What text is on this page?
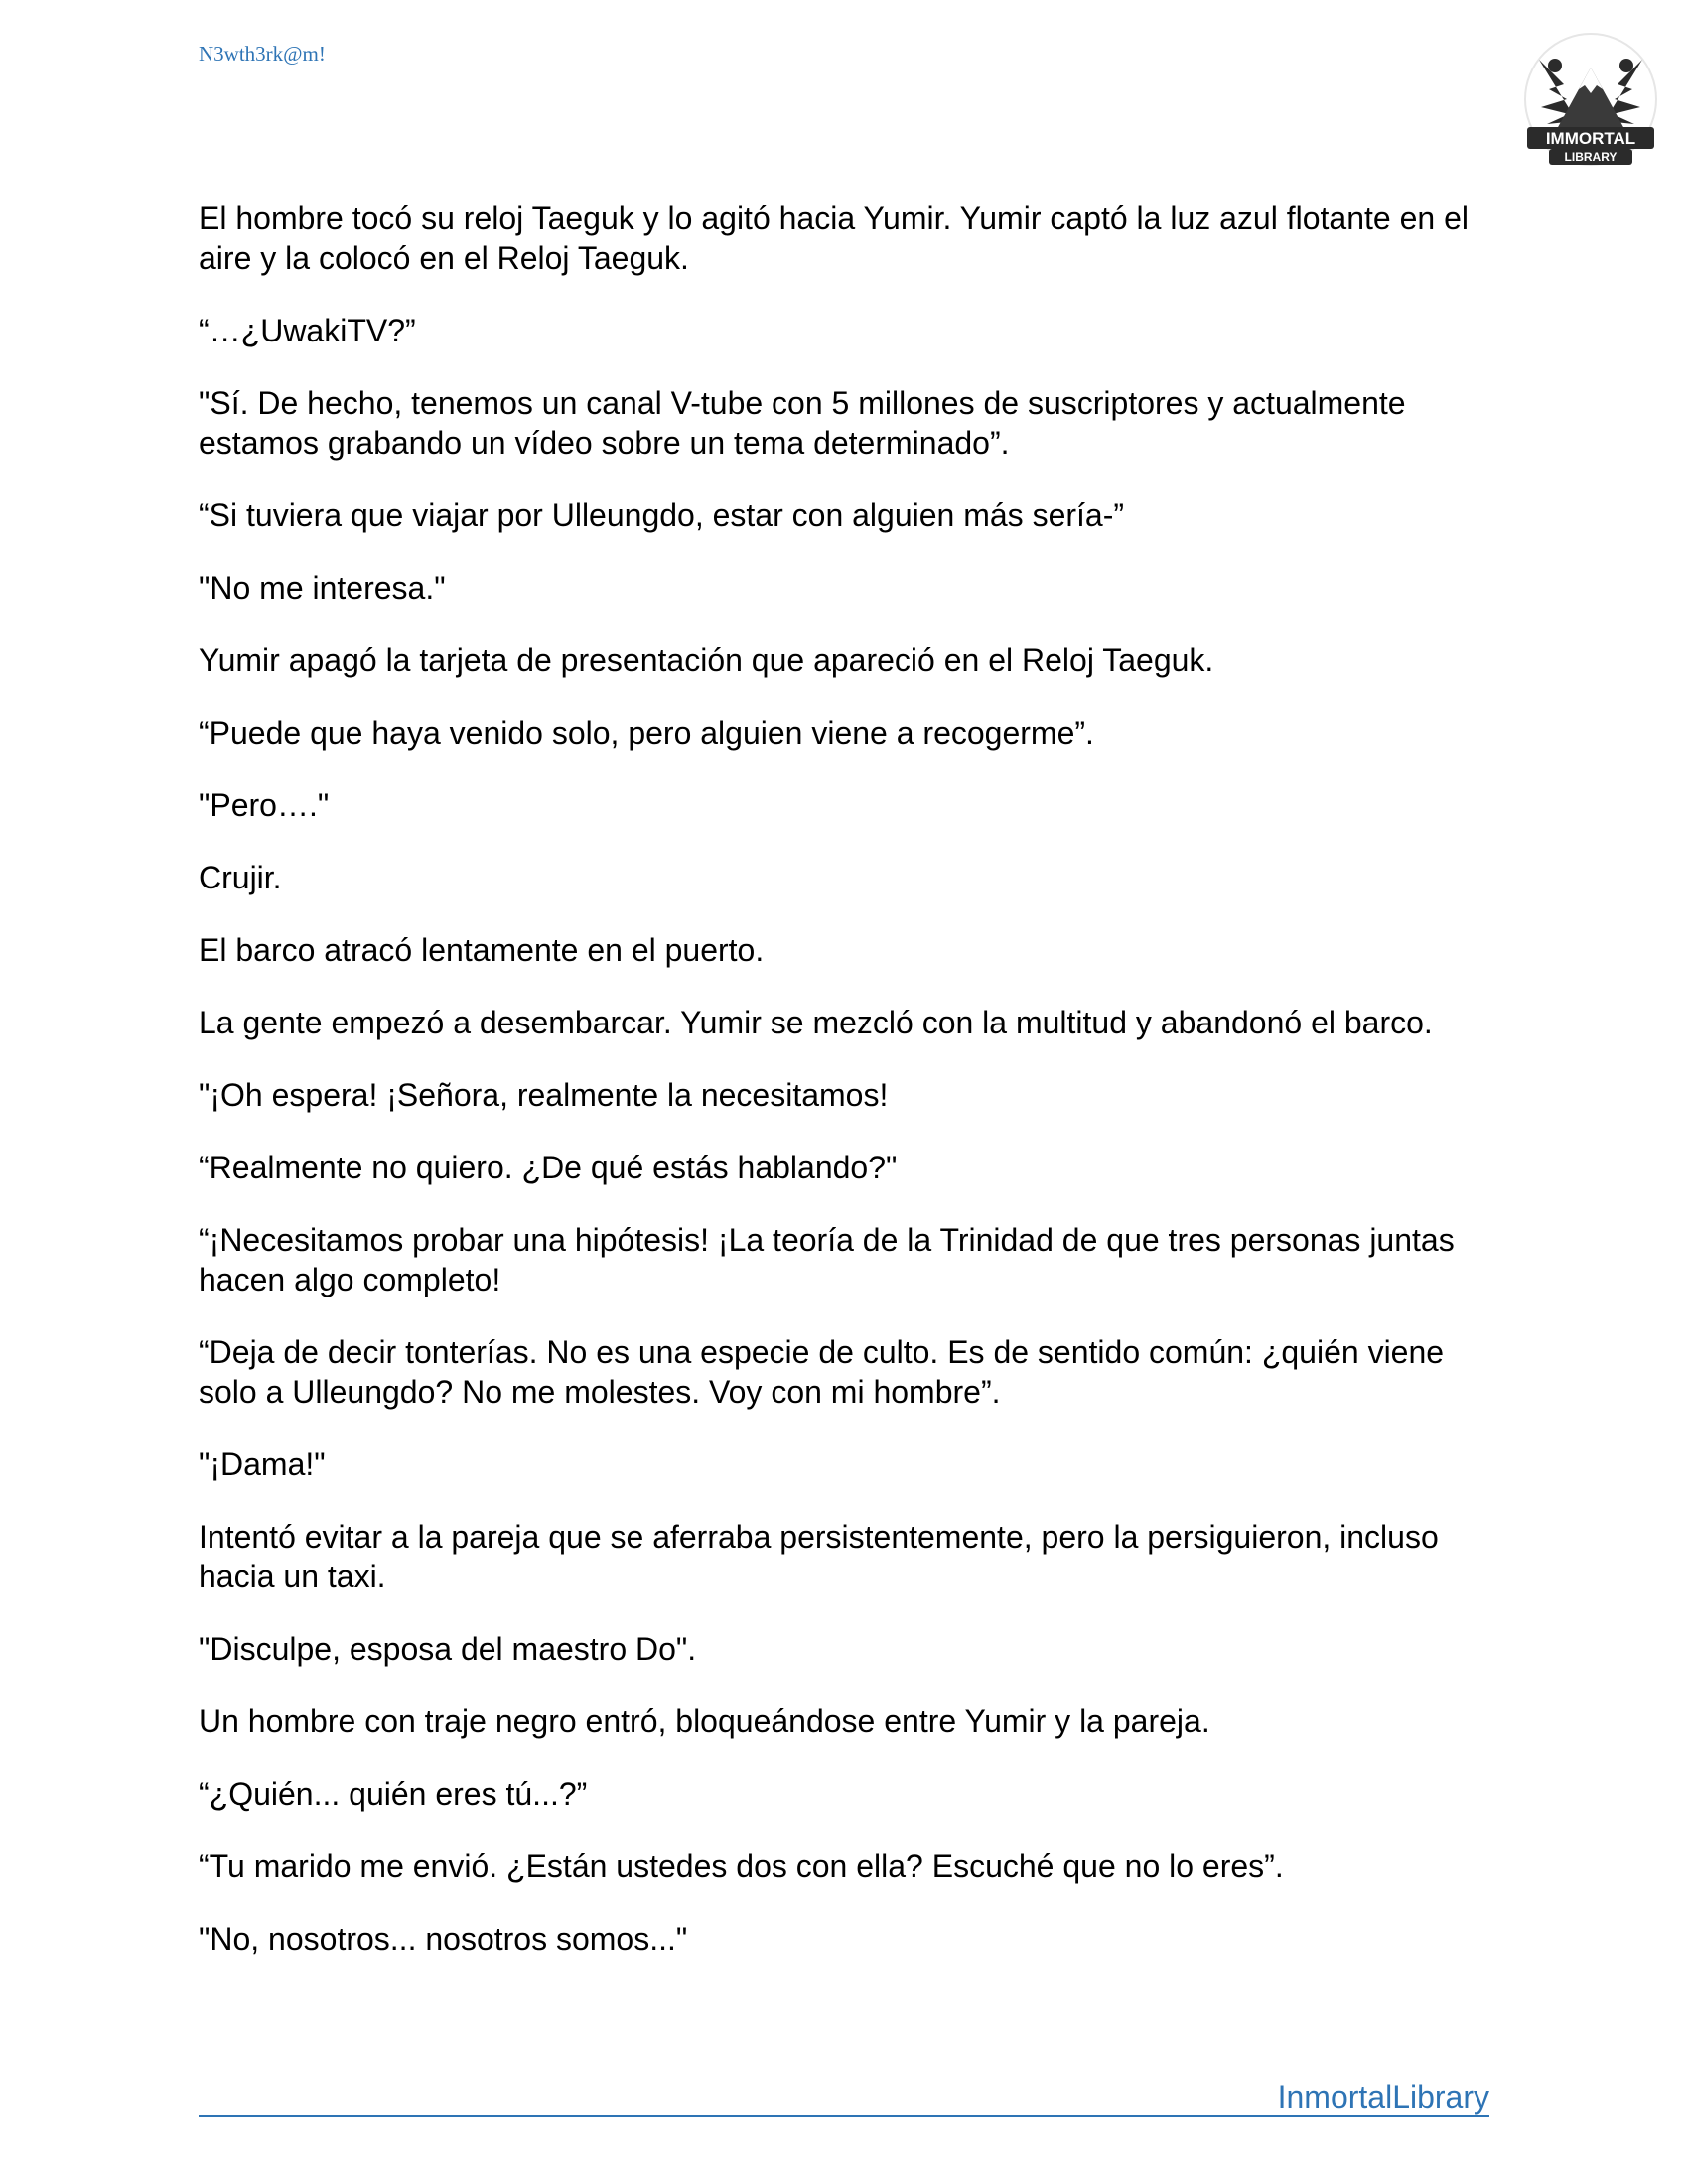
N3wth3rk@m!
IMMORTAL
LIBRARY

El hombre tocó su reloj Taeguk y lo agitó hacia Yumir. Yumir captó la luz azul flotante en el aire y la colocó en el Reloj Taeguk.

“…¿UwakiTV?”

"Sí. De hecho, tenemos un canal V-tube con 5 millones de suscriptores y actualmente estamos grabando un vídeo sobre un tema determinado”.

“Si tuviera que viajar por Ulleungdo, estar con alguien más sería-”

"No me interesa."

Yumir apagó la tarjeta de presentación que apareció en el Reloj Taeguk.

“Puede que haya venido solo, pero alguien viene a recogerme”.

"Pero…."

Crujir.

El barco atracó lentamente en el puerto.

La gente empezó a desembarcar. Yumir se mezcló con la multitud y abandonó el barco.

"¡Oh espera! ¡Señora, realmente la necesitamos!

“Realmente no quiero. ¿De qué estás hablando?"

“¡Necesitamos probar una hipótesis! ¡La teoría de la Trinidad de que tres personas juntas hacen algo completo!

“Deja de decir tonterías. No es una especie de culto. Es de sentido común: ¿quién viene solo a Ulleungdo? No me molestes. Voy con mi hombre”.

"¡Dama!"

Intentó evitar a la pareja que se aferraba persistentemente, pero la persiguieron, incluso hacia un taxi.

"Disculpe, esposa del maestro Do".

Un hombre con traje negro entró, bloqueándose entre Yumir y la pareja.

“¿Quién... quién eres tú...?”

“Tu marido me envió. ¿Están ustedes dos con ella? Escuché que no lo eres”.

"No, nosotros... nosotros somos..."

InmortalLibrary
